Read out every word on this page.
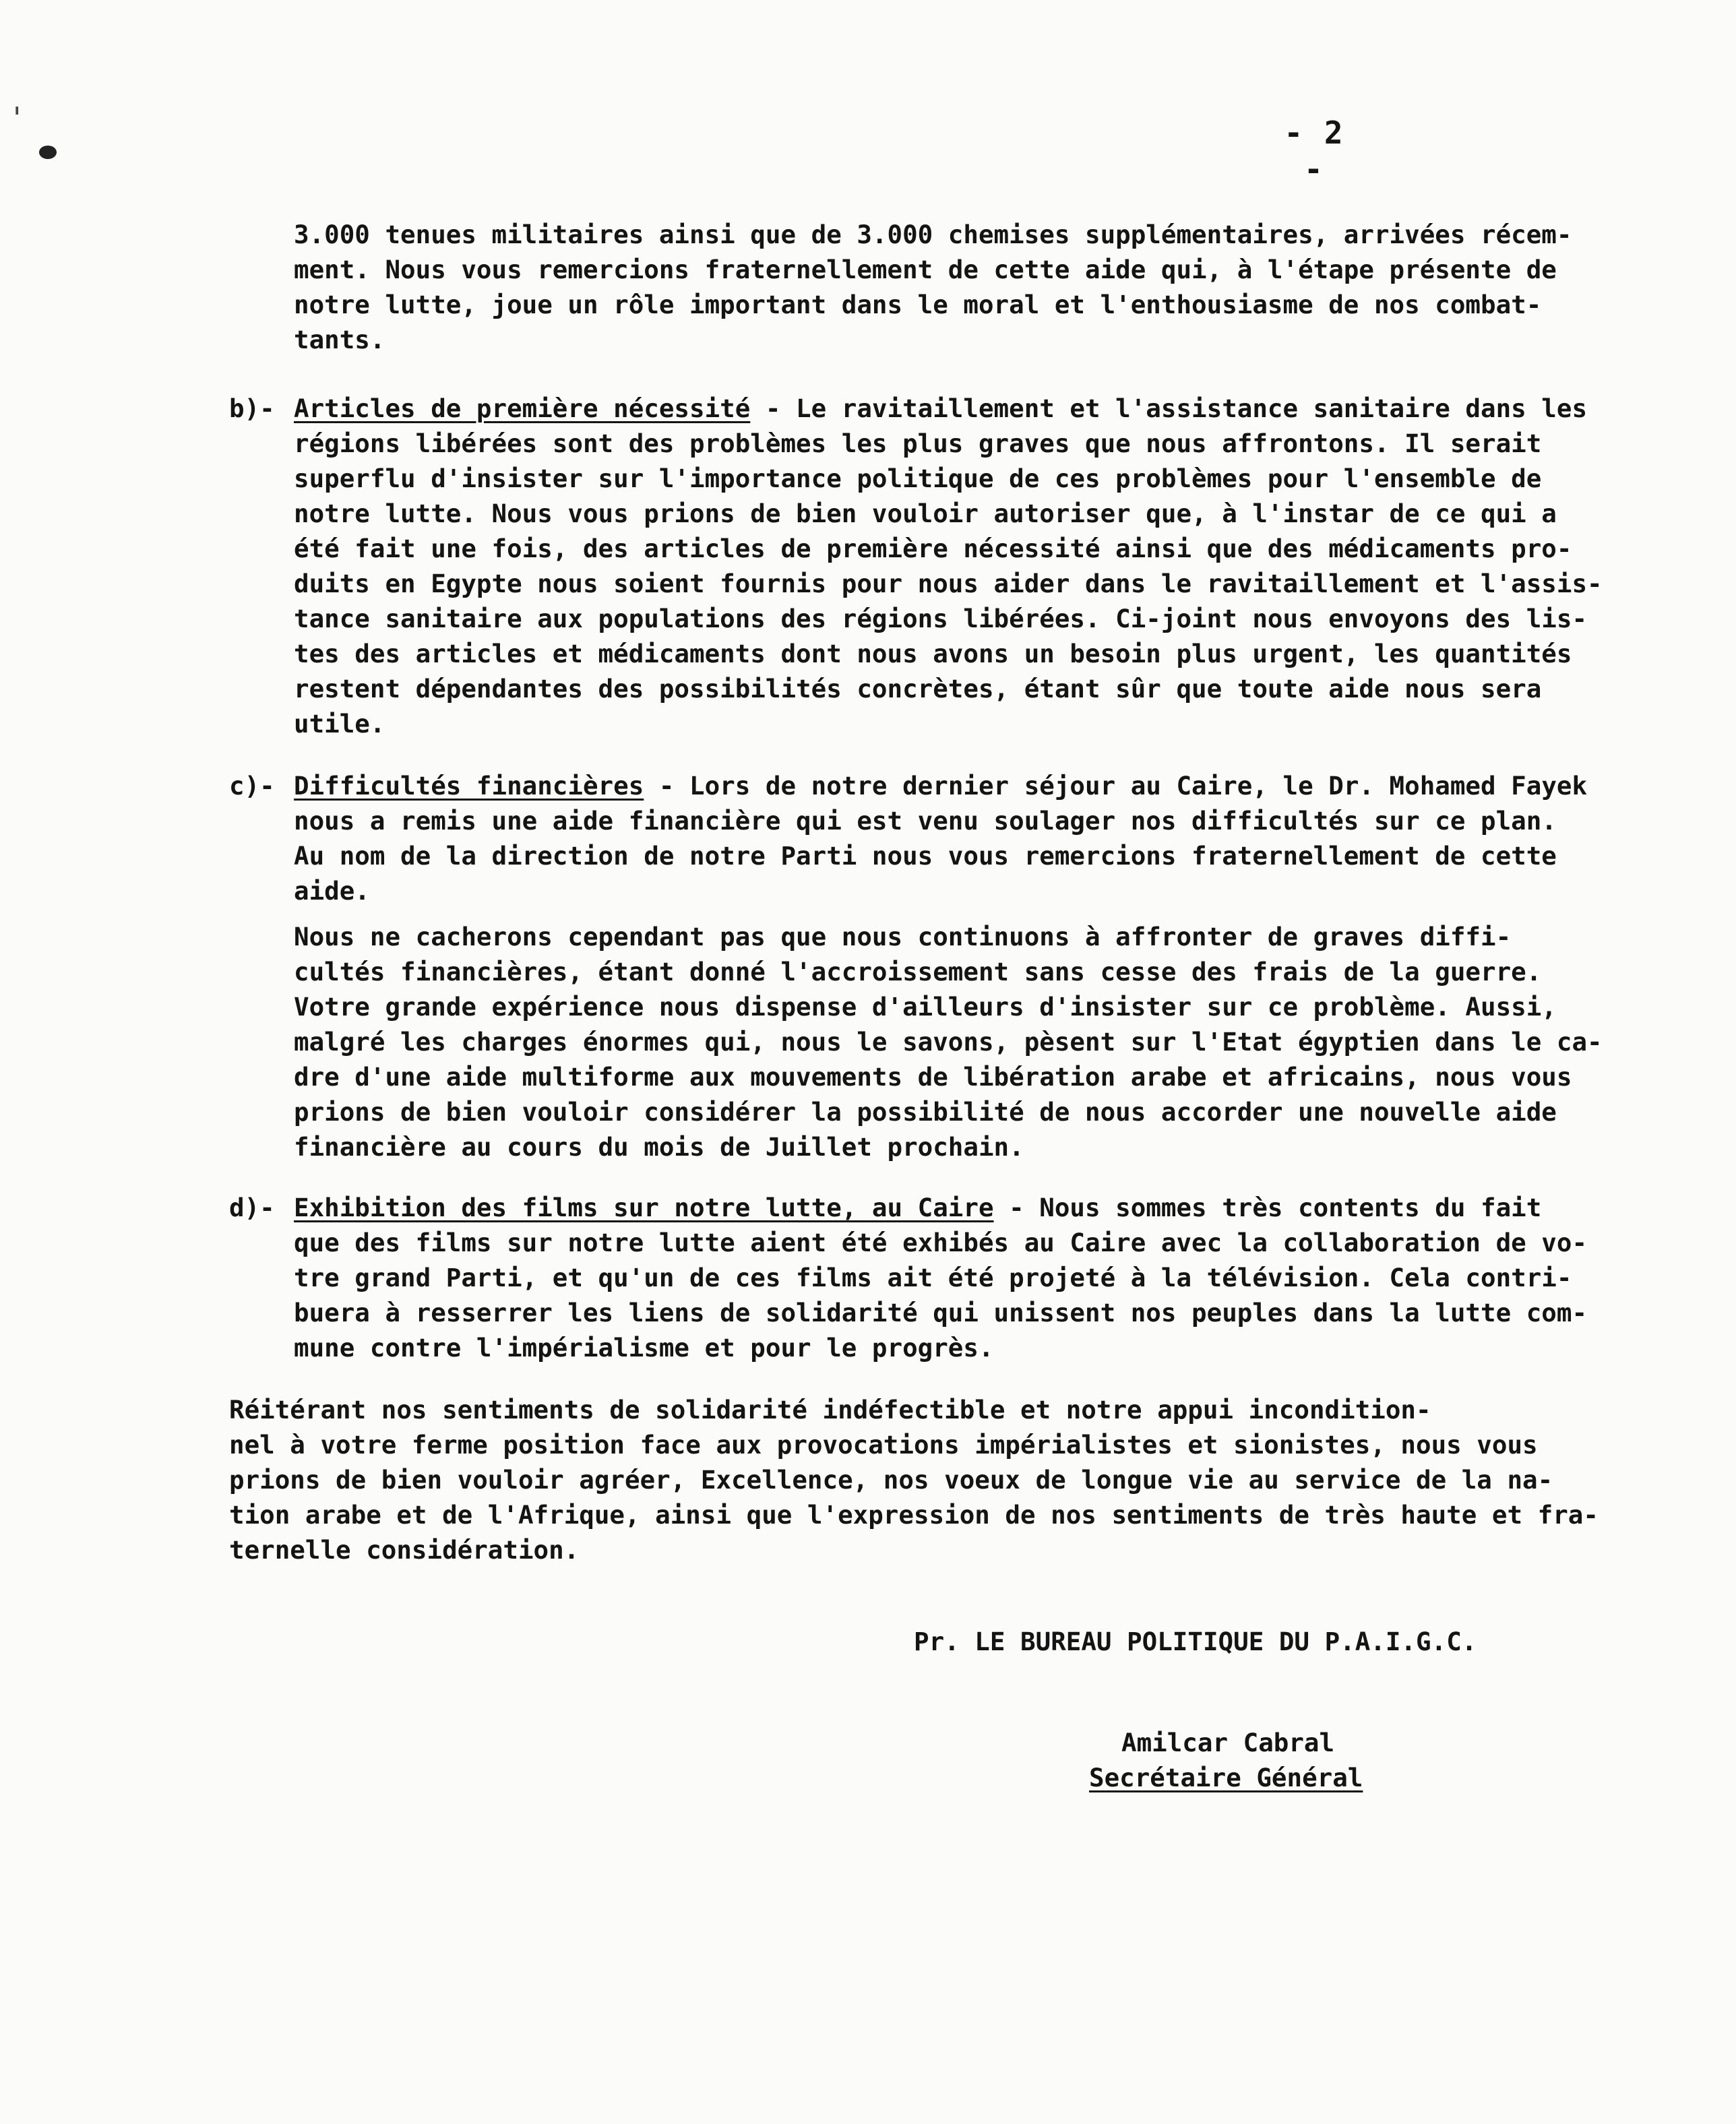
'	- 2 -
3.000 tenues militaires ainsi que de 3.000 chemises supplémentaires, arrivées récem-
ment. Nous vous remercions fraternellement de cette aide qui, à l'étape présente de
notre lutte, joue un rôle important dans le moral et l'enthousiasme de nos combat-
tants.
b)- Articles de première nécessité - Le ravitaillement et l'assistance sanitaire dans les
régions libérées sont des problèmes les plus graves que nous affrontons. Il serait
superflu d'insister sur l'importance politique de ces problèmes pour l'ensemble de
notre lutte. Nous vous prions de bien vouloir autoriser que, à l'instar de ce qui a
été fait une fois, des articles de première nécessité ainsi que des médicaments pro-
duits en Egypte nous soient fournis pour nous aider dans le ravitaillement et l'assis-
tance sanitaire aux populations des régions libérées. Ci-joint nous envoyons des lis-
tes des articles et médicaments dont nous avons un besoin plus urgent, les quantités
restent dépendantes des possibilités concrètes, étant sûr que toute aide nous sera
utile.
c)- Difficultés financières - Lors de notre dernier séjour au Caire, le Dr. Mohamed Fayek
nous a remis une aide financière qui est venu soulager nos difficultés sur ce plan.
Au nom de la direction de notre Parti nous vous remercions fraternellement de cette
aide.
Nous ne cacherons cependant pas que nous continuons à affronter de graves diffi-
cultés financières, étant donné l'accroissement sans cesse des frais de la guerre.
Votre grande expérience nous dispense d'ailleurs d'insister sur ce problème. Aussi,
malgré les charges énormes qui, nous le savons, pèsent sur l'Etat égyptien dans le ca-
dre d'une aide multiforme aux mouvements de libération arabe et africains, nous vous
prions de bien vouloir considérer la possibilité de nous accorder une nouvelle aide
financière au cours du mois de Juillet prochain.
d)- Exhibition des films sur notre lutte, au Caire - Nous sommes très contents du fait
que des films sur notre lutte aient été exhibés au Caire avec la collaboration de vo-
tre grand Parti, et qu'un de ces films ait été projeté à la télévision. Cela contri-
buera à resserrer les liens de solidarité qui unissent nos peuples dans la lutte com-
mune contre l'impérialisme et pour le progrès.
Réitérant nos sentiments de solidarité indéfectible et notre appui incondition-
nel à votre ferme position face aux provocations impérialistes et sionistes, nous vous
prions de bien vouloir agréer, Excellence, nos voeux de longue vie au service de la na-
tion arabe et de l'Afrique, ainsi que l'expression de nos sentiments de très haute et fra-
ternelle considération.
Pr. LE BUREAU POLITIQUE DU P.A.I.G.C.
Amilcar Cabral
Secrétaire Général
